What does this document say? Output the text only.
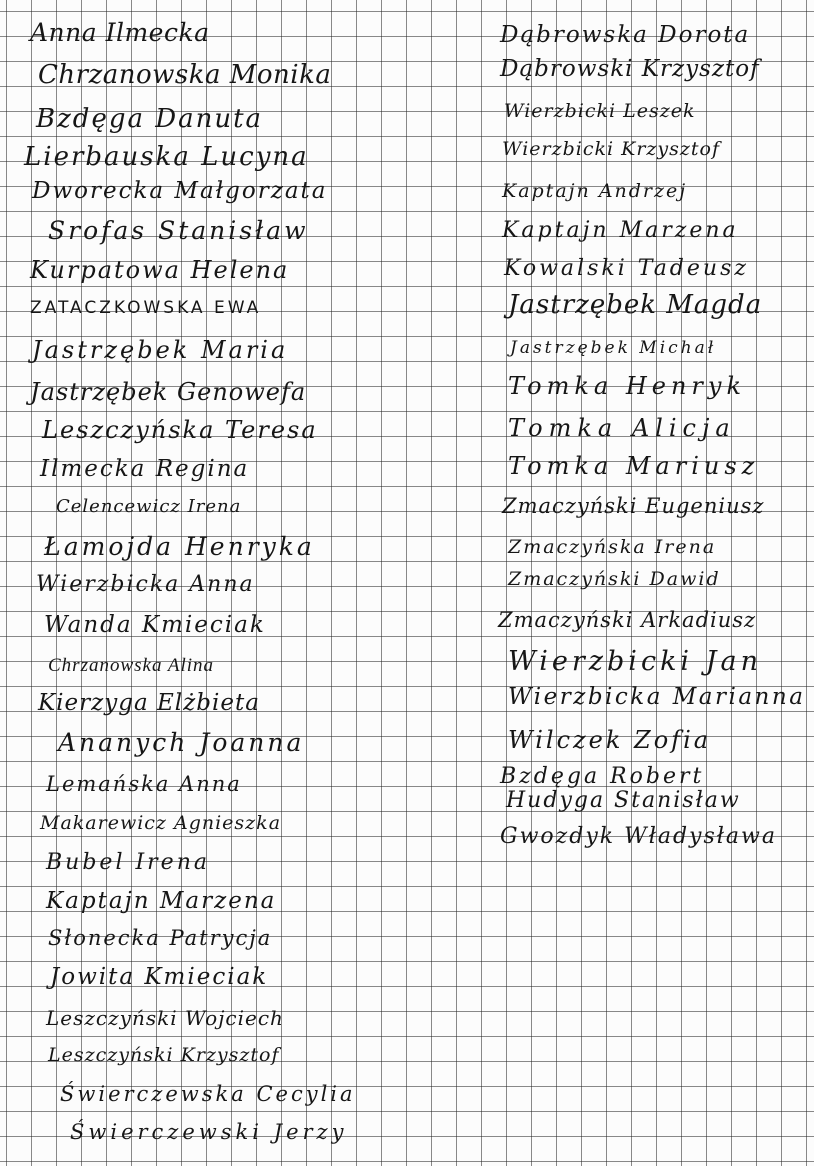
Anna Ilmecka
Chrzanowska Monika
Bzdęga Danuta
Lierbauska Lucyna
Dworecka Małgorzata
Srofas Stanisław
Kurpatowa Helena
ZATACZKOWSKA EWA
Jastrzębek Maria
Jastrzębek Genowefa
Leszczyńska Teresa
Ilmecka Regina
Celencewicz Irena
Łamojda Henryka
Wierzbicka Anna
Wanda Kmieciak
Chrzanowska Alina
Kierzyga Elżbieta
Ananych Joanna
Lemańska Anna
Makarewicz Agnieszka
Bubel Irena
Kaptajn Marzena
Słonecka Patrycja
Jowita Kmieciak
Leszczyński Wojciech
Leszczyński Krzysztof
Świerczewska Cecylia
Świerczewski Jerzy
Dąbrowska Dorota
Dąbrowski Krzysztof
Wierzbicki Leszek
Wierzbicki Krzysztof
Kaptajn Andrzej
Kaptajn Marzena
Kowalski Tadeusz
Jastrzębek Magda
Jastrzębek Michał
Tomka Henryk
Tomka Alicja
Tomka Mariusz
Zmaczyński Eugeniusz
Zmaczyńska Irena
Zmaczyński Dawid
Zmaczyński Arkadiusz
Wierzbicki Jan
Wierzbicka Marianna
Wilczek Zofia
Bzdęga Robert
Hudyga Stanisław
Gwozdyk Władysława
